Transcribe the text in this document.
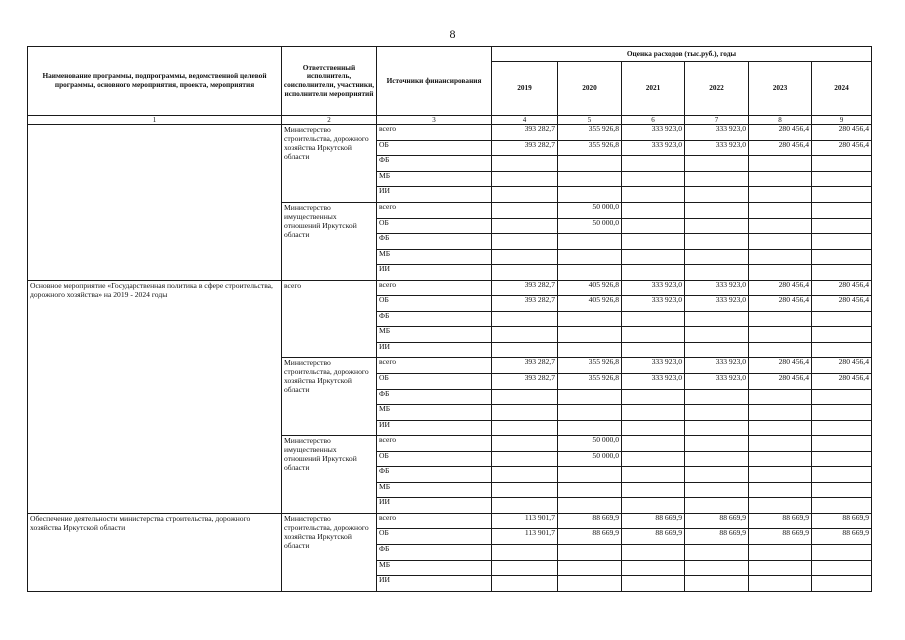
8
Наименование программы, подпрограммы, ведомственной целевой программы, основного мероприятия, проекта, мероприятия	Ответственный исполнитель, соисполнители, участники, исполнители мероприятий	Источники финансирования	Оценка расходов (тыс.руб.), годы					
			2019	2020	2021	2022	2023	2024
1	2	3	4	5	6	7	8	9
	Министерство строительства, дорожного хозяйства Иркутской области	всего	393 282,7	355 926,8	333 923,0	333 923,0	280 456,4	280 456,4
		ОБ	393 282,7	355 926,8	333 923,0	333 923,0	280 456,4	280 456,4
		ФБ						
		МБ						
		ИИ						
	Министерство имущественных отношений Иркутской области	всего		50 000,0				
		ОБ		50 000,0				
		ФБ						
		МБ						
		ИИ						
Основное мероприятие «Государственная политика в сфере строительства, дорожного хозяйства» на 2019 - 2024 годы	всего	всего	393 282,7	405 926,8	333 923,0	333 923,0	280 456,4	280 456,4
		ОБ	393 282,7	405 926,8	333 923,0	333 923,0	280 456,4	280 456,4
		ФБ						
		МБ						
		ИИ						
	Министерство строительства, дорожного хозяйства Иркутской области	всего	393 282,7	355 926,8	333 923,0	333 923,0	280 456,4	280 456,4
		ОБ	393 282,7	355 926,8	333 923,0	333 923,0	280 456,4	280 456,4
		ФБ						
		МБ						
		ИИ						
	Министерство имущественных отношений Иркутской области	всего		50 000,0				
		ОБ		50 000,0				
		ФБ						
		МБ						
		ИИ						
Обеспечение деятельности министерства строительства, дорожного хозяйства Иркутской области	Министерство строительства, дорожного хозяйства Иркутской области	всего	113 901,7	88 669,9	88 669,9	88 669,9	88 669,9	88 669,9
		ОБ	113 901,7	88 669,9	88 669,9	88 669,9	88 669,9	88 669,9
		ФБ						
		МБ						
		ИИ						
